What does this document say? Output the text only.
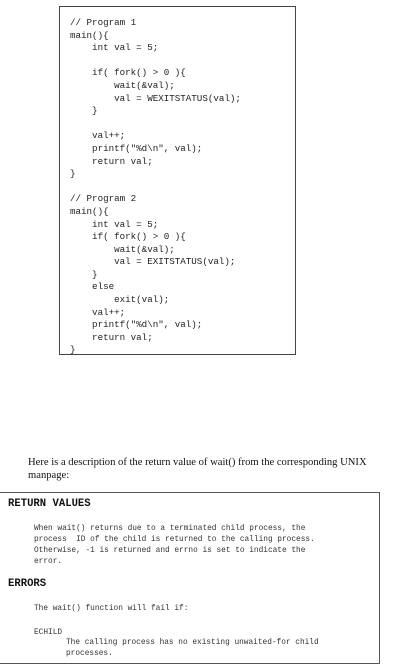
// Program 1
main(){
int val = 5;

if( fork() > 0 ){
wait(&val);
val = WEXITSTATUS(val);
}

val++;
printf("%d\n", val);
return val;
}

// Program 2
main(){
int val = 5;
if( fork() > 0 ){
wait(&val);
val = EXITSTATUS(val);
}
else
exit(val);
val++;
printf("%d\n", val);
return val;
}
Here is a description of the return value of wait() from the corresponding UNIX manpage:
RETURN VALUES
When wait() returns due to a terminated child process, the
process  ID of the child is returned to the calling process.
Otherwise, -1 is returned and errno is set to indicate the
error.
ERRORS
The wait() function will fail if:
ECHILD
The calling process has no existing unwaited-for child
processes.
